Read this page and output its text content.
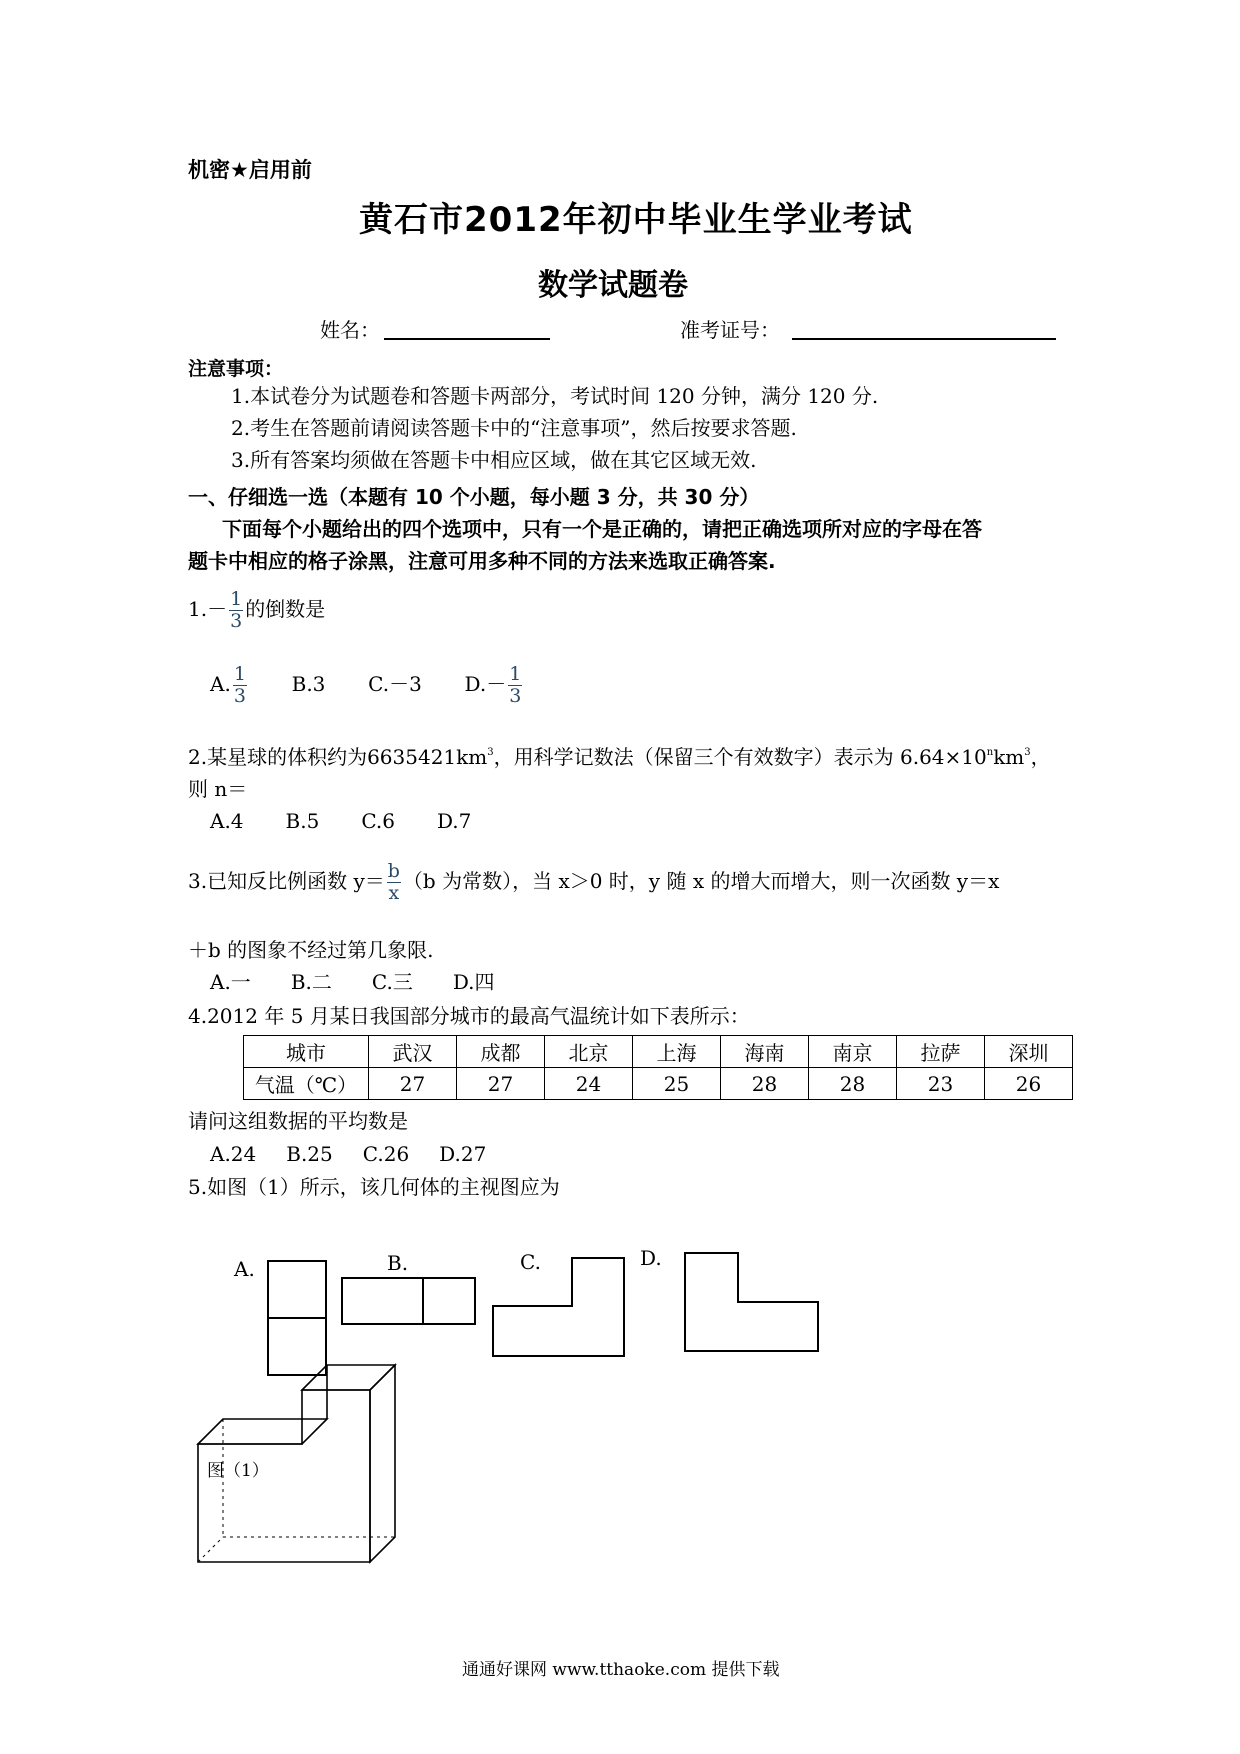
机密★启用前
黄石市2012年初中毕业生学业考试
数学试题卷
姓名：	准考证号：
注意事项：
1.本试卷分为试题卷和答题卡两部分，考试时间 120 分钟，满分 120 分.
2.考生在答题前请阅读答题卡中的“注意事项”，然后按要求答题.
3.所有答案均须做在答题卡中相应区域，做在其它区域无效.
一、仔细选一选（本题有 10 个小题，每小题 3 分，共 30 分）
下面每个小题给出的四个选项中，只有一个是正确的，请把正确选项所对应的字母在答
题卡中相应的格子涂黑，注意可用多种不同的方法来选取正确答案.
$1.- \frac{1}{3}$ 的倒数是
A. $\frac{1}{3} B.3$ C.－3 $D.- \frac{1}{3}$
2.某星球的体积约为$6635421km^3$，用科学记数法（保留三个有效数字）表示为 $6.64\times 10^nkm^3$，
则 n＝
A.4 B.5 C.6 D.7
3.已知反比例函数 $y= \frac{b}{x} (b$ 为常数），当 x＞0 时，y 随 x 的增大而增大，则一次函数 y＝x
＋b 的图象不经过第几象限.
A.一 B.二 C.三 D.四
4.2012 年 5 月某日我国部分城市的最高气温统计如下表所示：
城市	武汉	成都	北京	上海	海南	南京	拉萨	深圳
气温（℃）	27	27	24	25	28	28	23	26
请问这组数据的平均数是
A.24 B.25 C.26 D.27
5.如图（1）所示，该几何体的主视图应为
A.	B.	C.	D.
图（1）
通通好课网 www.tthaoke.com 提供下载
